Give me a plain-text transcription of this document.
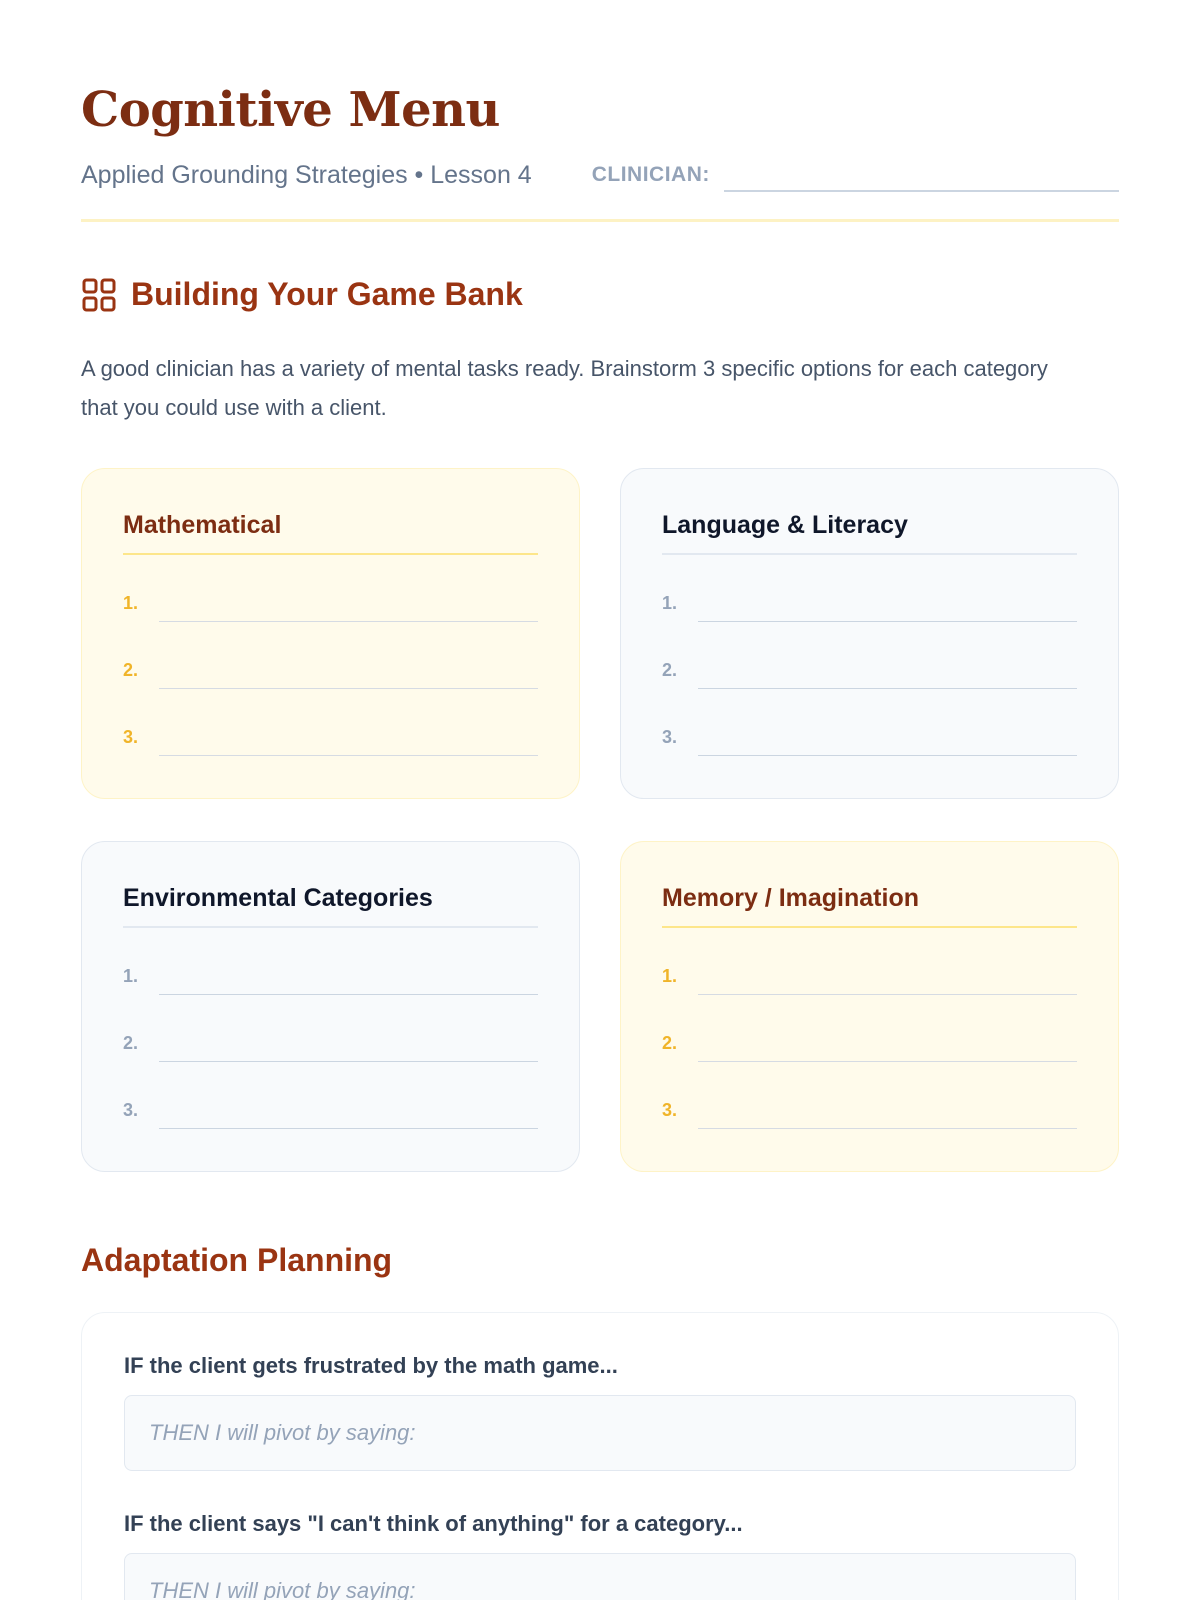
Cognitive Menu
Applied Grounding Strategies • Lesson 4	CLINICIAN:
Building Your Game Bank

A good clinician has a variety of mental tasks ready. Brainstorm 3 specific options for each category that you could use with a client.

Mathematical
1.
2.
3.
Language & Literacy
1.
2.
3.
Environmental Categories
1.
2.
3.
Memory / Imagination
1.
2.
3.
Adaptation Planning
IF the client gets frustrated by the math game...
THEN I will pivot by saying:
IF the client says "I can't think of anything" for a category...
THEN I will pivot by saying:
